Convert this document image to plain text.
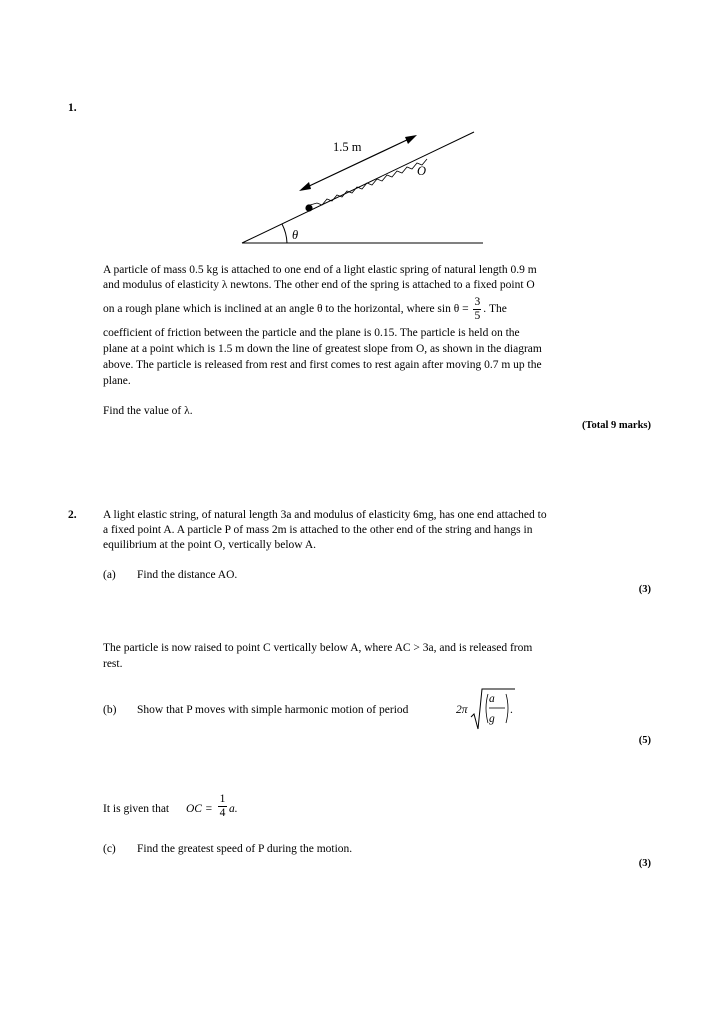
1.
1.5 m
O
θ
A particle of mass 0.5 kg is attached to one end of a light elastic spring of natural length 0.9 m
and modulus of elasticity λ newtons. The other end of the spring is attached to a fixed point O
on a rough plane which is inclined at an angle θ to the horizontal, where $\sin \theta = \frac{3}{5}$ . The
coefficient of friction between the particle and the plane is 0.15. The particle is held on the
plane at a point which is 1.5 m down the line of greatest slope from O, as shown in the diagram
above. The particle is released from rest and first comes to rest again after moving 0.7 m up the
plane.
Find the value of λ.
(Total 9 marks)
2. A light elastic string, of natural length 3a and modulus of elasticity 6mg, has one end attached to
a fixed point A. A particle P of mass 2m is attached to the other end of the string and hangs in
equilibrium at the point O, vertically below A.
(a) Find the distance AO.
(3)
The particle is now raised to point C vertically below A, where AC > 3a, and is released from
rest.
(b) Show that P moves with simple harmonic motion of period	2π
a
g
.
(5)
It is given that OC = $\frac{1}{4} a$.
(c) Find the greatest speed of P during the motion.
(3)
